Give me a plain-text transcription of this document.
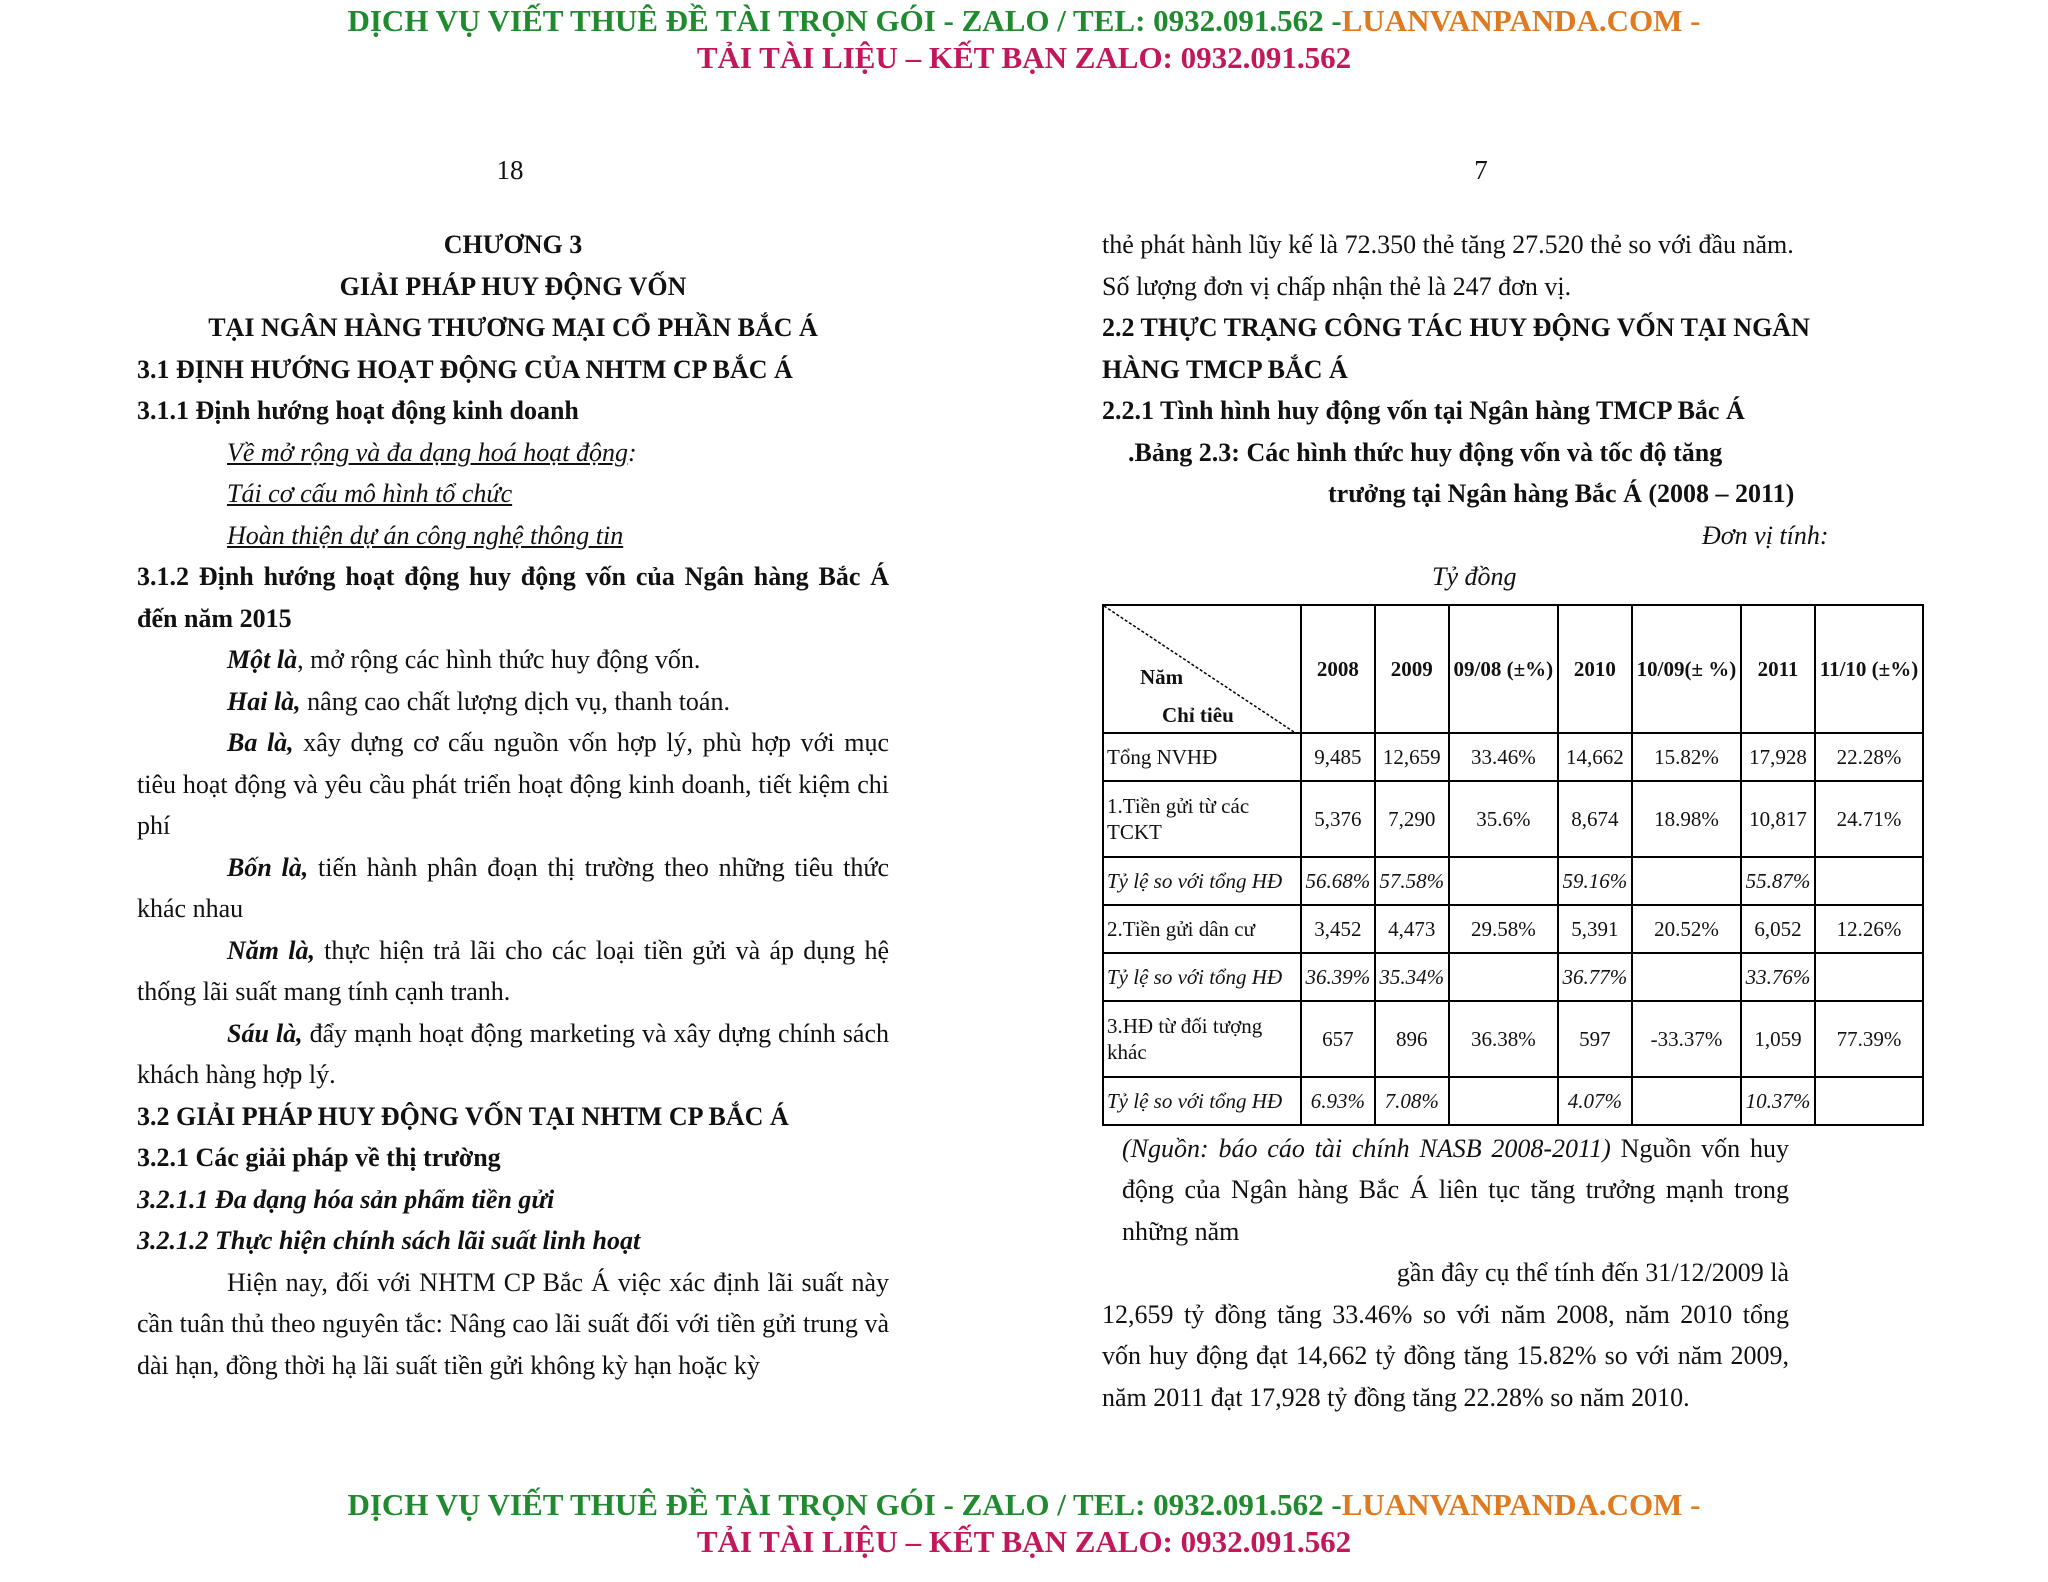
DỊCH VỤ VIẾT THUÊ ĐỀ TÀI TRỌN GÓI - ZALO / TEL: 0932.091.562 -LUANVANPANDA.COM -
TẢI TÀI LIỆU – KẾT BẠN ZALO: 0932.091.562
18	7

CHƯƠNG 3

GIẢI PHÁP HUY ĐỘNG VỐN

TẠI NGÂN HÀNG THƯƠNG MẠI CỔ PHẦN BẮC Á

3.1 ĐỊNH HƯỚNG HOẠT ĐỘNG CỦA NHTM CP BẮC Á

3.1.1 Định hướng hoạt động kinh doanh

Về mở rộng và đa dạng hoá hoạt động:

Tái cơ cấu mô hình tổ chức

Hoàn thiện dự án công nghệ thông tin

3.1.2 Định hướng hoạt động huy động vốn của Ngân hàng Bắc Á đến năm 2015

Một là, mở rộng các hình thức huy động vốn.

Hai là, nâng cao chất lượng dịch vụ, thanh toán.

Ba là, xây dựng cơ cấu nguồn vốn hợp lý, phù hợp với mục tiêu hoạt động và yêu cầu phát triển hoạt động kinh doanh, tiết kiệm chi phí

Bốn là, tiến hành phân đoạn thị trường theo những tiêu thức khác nhau

Năm là, thực hiện trả lãi cho các loại tiền gửi và áp dụng hệ thống lãi suất mang tính cạnh tranh.

Sáu là, đẩy mạnh hoạt động marketing và xây dựng chính sách khách hàng hợp lý.

3.2 GIẢI PHÁP HUY ĐỘNG VỐN TẠI NHTM CP BẮC Á

3.2.1 Các giải pháp về thị trường

3.2.1.1 Đa dạng hóa sản phẩm tiền gửi

3.2.1.2 Thực hiện chính sách lãi suất linh hoạt

Hiện nay, đối với NHTM CP Bắc Á việc xác định lãi suất này cần tuân thủ theo nguyên tắc: Nâng cao lãi suất đối với tiền gửi trung và dài hạn, đồng thời hạ lãi suất tiền gửi không kỳ hạn hoặc kỳ

thẻ phát hành lũy kế là 72.350 thẻ tăng 27.520 thẻ so với đầu năm.

Số lượng đơn vị chấp nhận thẻ là 247 đơn vị.

2.2 THỰC TRẠNG CÔNG TÁC HUY ĐỘNG VỐN TẠI NGÂN HÀNG TMCP BẮC Á

2.2.1 Tình hình huy động vốn tại Ngân hàng TMCP Bắc Á

.Bảng 2.3: Các hình thức huy động vốn và tốc độ tăng

trưởng tại Ngân hàng Bắc Á (2008 – 2011)

Đơn vị tính:

Tỷ đồng

Năm
Chỉ tiêu	2008	2009	09/08 (±%)	2010	10/09(± %)	2011	11/10 (±%)
Tổng NVHĐ	9,485	12,659	33.46%	14,662	15.82%	17,928	22.28%
1.Tiền gửi từ các TCKT	5,376	7,290	35.6%	8,674	18.98%	10,817	24.71%
Tỷ lệ so với tổng HĐ	56.68%	57.58%		59.16%		55.87%	
2.Tiền gửi dân cư	3,452	4,473	29.58%	5,391	20.52%	6,052	12.26%
Tỷ lệ so với tổng HĐ	36.39%	35.34%		36.77%		33.76%	
3.HĐ từ đối tượng khác	657	896	36.38%	597	-33.37%	1,059	77.39%
Tỷ lệ so với tổng HĐ	6.93%	7.08%		4.07%		10.37%	

(Nguồn: báo cáo tài chính NASB 2008-2011) Nguồn vốn huy động của Ngân hàng Bắc Á liên tục tăng trưởng mạnh trong những năm

gần đây cụ thể tính đến 31/12/2009 là

12,659 tỷ đồng tăng 33.46% so với năm 2008, năm 2010 tổng vốn huy động đạt 14,662 tỷ đồng tăng 15.82% so với năm 2009, năm 2011 đạt 17,928 tỷ đồng tăng 22.28% so năm 2010.

DỊCH VỤ VIẾT THUÊ ĐỀ TÀI TRỌN GÓI - ZALO / TEL: 0932.091.562 -LUANVANPANDA.COM -
TẢI TÀI LIỆU – KẾT BẠN ZALO: 0932.091.562
